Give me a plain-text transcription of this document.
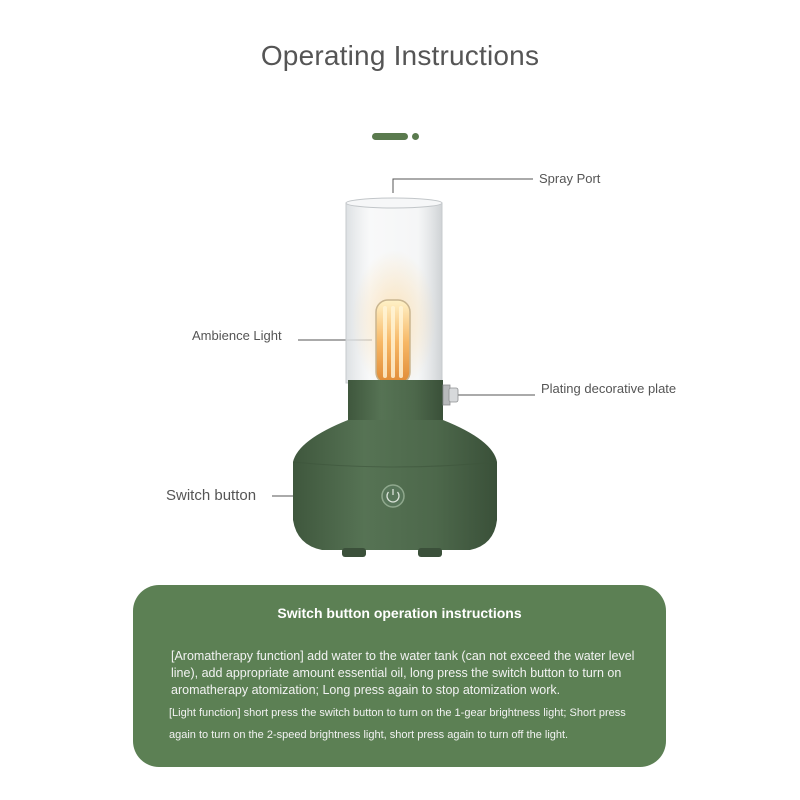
Operating Instructions
Spray Port
Ambience Light
Plating decorative plate
Switch button
Switch button operation instructions
[Aromatherapy function] add water to the water tank (can not exceed the water level line), add appropriate amount essential oil, long press the switch button to turn on aromatherapy atomization; Long press again to stop atomization work.
[Light function] short press the switch button to turn on the 1-gear brightness light; Short press again to turn on the 2-speed brightness light, short press again to turn off the light.
